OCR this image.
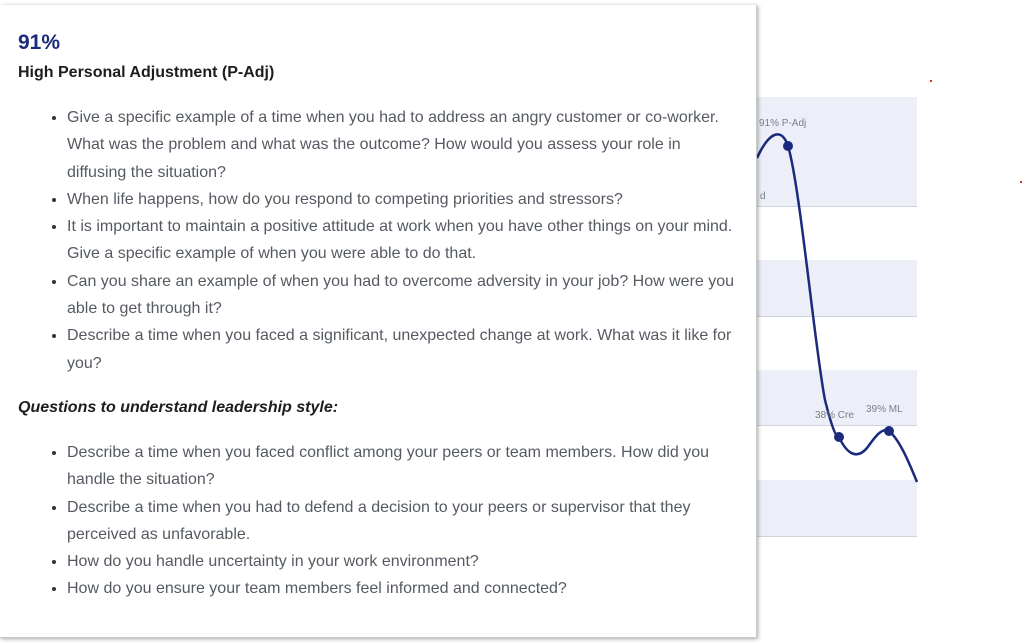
91% P-Adj
d
38% Cre
39% ML
91%
High Personal Adjustment (P-Adj)
• Give a specific example of a time when you had to address an angry customer or co-worker. What was the problem and what was the outcome? How would you assess your role in diffusing the situation?
• When life happens, how do you respond to competing priorities and stressors?
• It is important to maintain a positive attitude at work when you have other things on your mind. Give a specific example of when you were able to do that.
• Can you share an example of when you had to overcome adversity in your job? How were you able to get through it?
• Describe a time when you faced a significant, unexpected change at work. What was it like for you?
Questions to understand leadership style:
• Describe a time when you faced conflict among your peers or team members. How did you handle the situation?
• Describe a time when you had to defend a decision to your peers or supervisor that they perceived as unfavorable.
• How do you handle uncertainty in your work environment?
• How do you ensure your team members feel informed and connected?
